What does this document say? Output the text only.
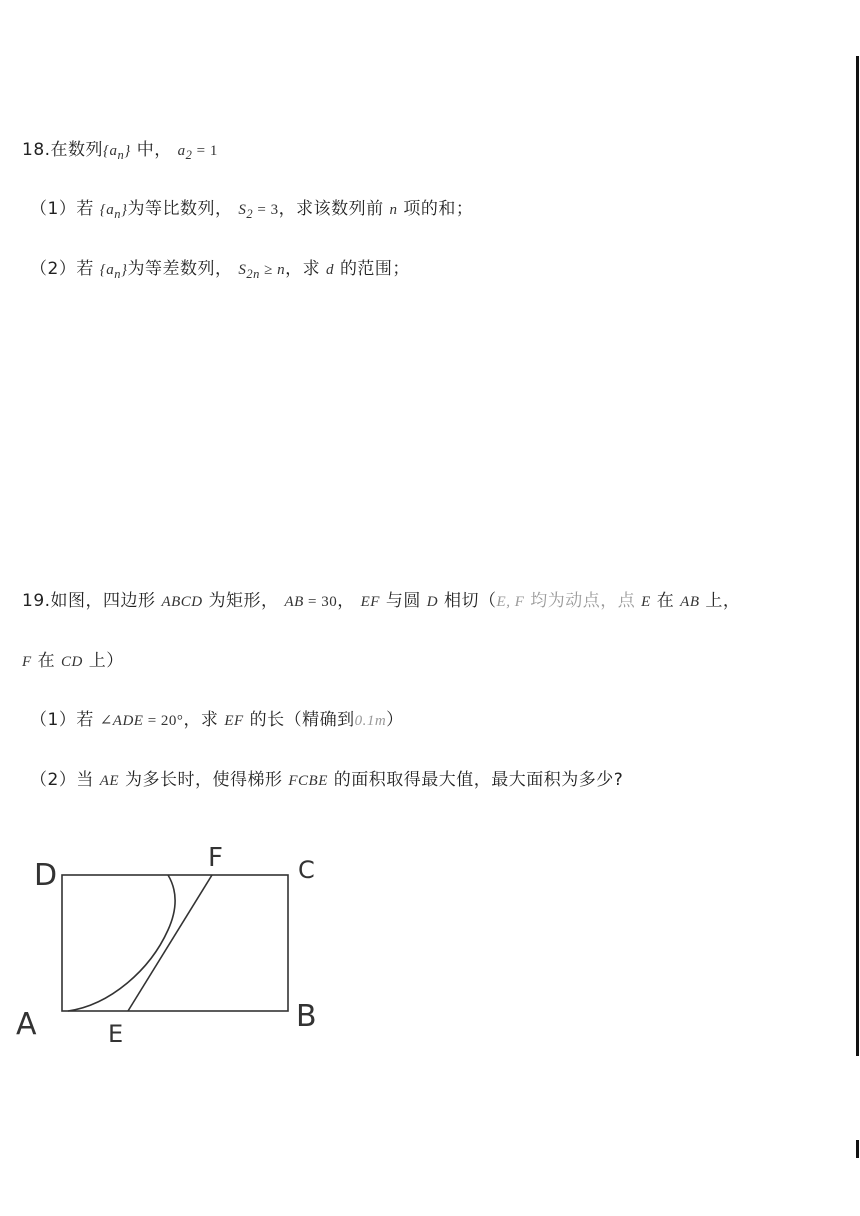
18.在数列$\{a_n\}$ 中， $a_2 = 1$
（1）若 $\{a_n\}$为等比数列， $S_2 = 3$，求该数列前 n 项的和；
（2）若 $\{a_n\}$为等差数列， $S_{2n} \ge n$，求 d 的范围；
19.如图，四边形 ABCD 为矩形， AB = 30， EF 与圆 D 相切（E, F 均为动点，点 E 在 AB 上，
F 在 CD 上）
（1）若 ∠ADE = 20°，求 EF 的长（精确到0.1m）
（2）当 AE 为多长时，使得梯形 FCBE 的面积取得最大值，最大面积为多少?
D	F	C
A	E	B
